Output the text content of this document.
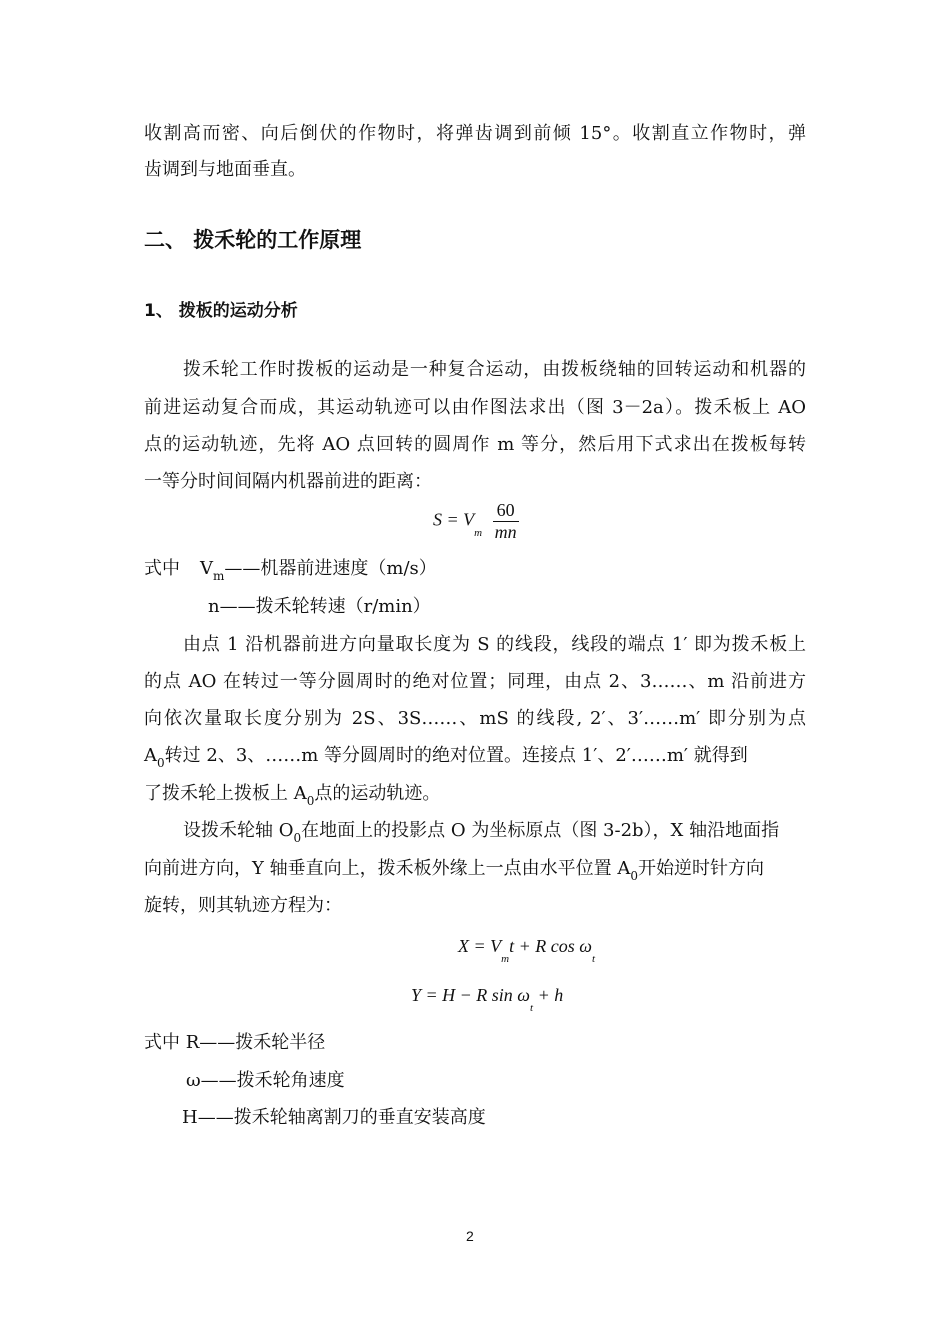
收割高而密、向后倒伏的作物时，将弹齿调到前倾 15°。收割直立作物时，弹
齿调到与地面垂直。
二、 拨禾轮的工作原理
1、 拨板的运动分析
拨禾轮工作时拨板的运动是一种复合运动，由拨板绕轴的回转运动和机器的
前进运动复合而成，其运动轨迹可以由作图法求出（图 3－2a）。拨禾板上 AO
点的运动轨迹，先将 AO 点回转的圆周作 m 等分，然后用下式求出在拨板每转
一等分时间间隔内机器前进的距离：
$S = V_m \frac{60}{mn}$
式中 $V_m——$机器前进速度（m/s）
n——拨禾轮转速（r/min）
由点 1 沿机器前进方向量取长度为 S 的线段，线段的端点 1′ 即为拨禾板上
的点 AO 在转过一等分圆周时的绝对位置；同理，由点 2、3……、m 沿前进方
向依次量取长度分别为 2S、3S……、mS 的线段, 2′、3′……m′ 即分别为点
$A_0$转过 2、3、……m 等分圆周时的绝对位置。连接点 1′、2′……m′ 就得到
了拨禾轮上拨板上 $A_0$点的运动轨迹。
设拨禾轮轴 $O_0$在地面上的投影点 O 为坐标原点（图 3-2b），X 轴沿地面指
向前进方向，Y 轴垂直向上，拨禾板外缘上一点由水平位置 $A_0$开始逆时针方向
旋转，则其轨迹方程为：
$X = V_mt + R$ $\cos \omega_t$
Y = H − R $\sin \omega_t + h$
式中 R——拨禾轮半径
ω——拨禾轮角速度
H——拨禾轮轴离割刀的垂直安装高度
2
